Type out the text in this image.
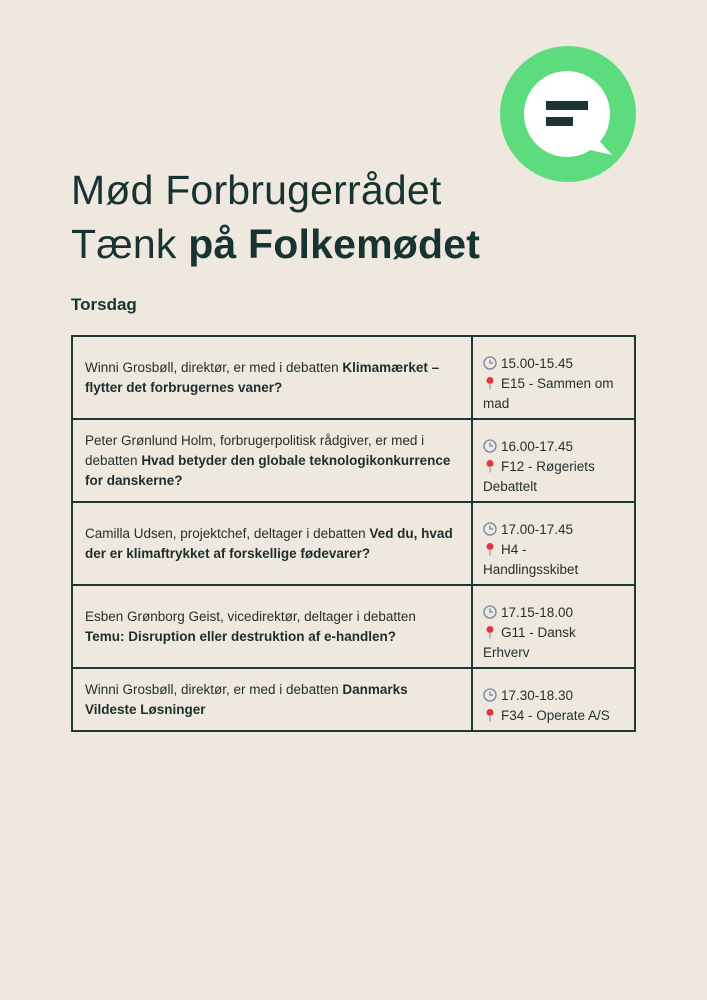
Mød Forbrugerrådet
Tænk på Folkemødet
Torsdag
Winni Grosbøll, direktør, er med i debatten Klimamærket – flytter det forbrugernes vaner?	15.00-15.45
E15 - Sammen om mad

Peter Grønlund Holm, forbrugerpolitisk rådgiver, er med i debatten Hvad betyder den globale teknologikonkurrence for danskerne?	16.00-17.45
F12 - Røgeriets Debattelt

Camilla Udsen, projektchef, deltager i debatten Ved du, hvad der er klimaftrykket af forskellige fødevarer?	17.00-17.45
H4 - Handlingsskibet

Esben Grønborg Geist, vicedirektør, deltager i debatten Temu: Disruption eller destruktion af e-handlen?	17.15-18.00
G11 - Dansk Erhverv

Winni Grosbøll, direktør, er med i debatten Danmarks Vildeste Løsninger	17.30-18.30
F34 - Operate A/S
